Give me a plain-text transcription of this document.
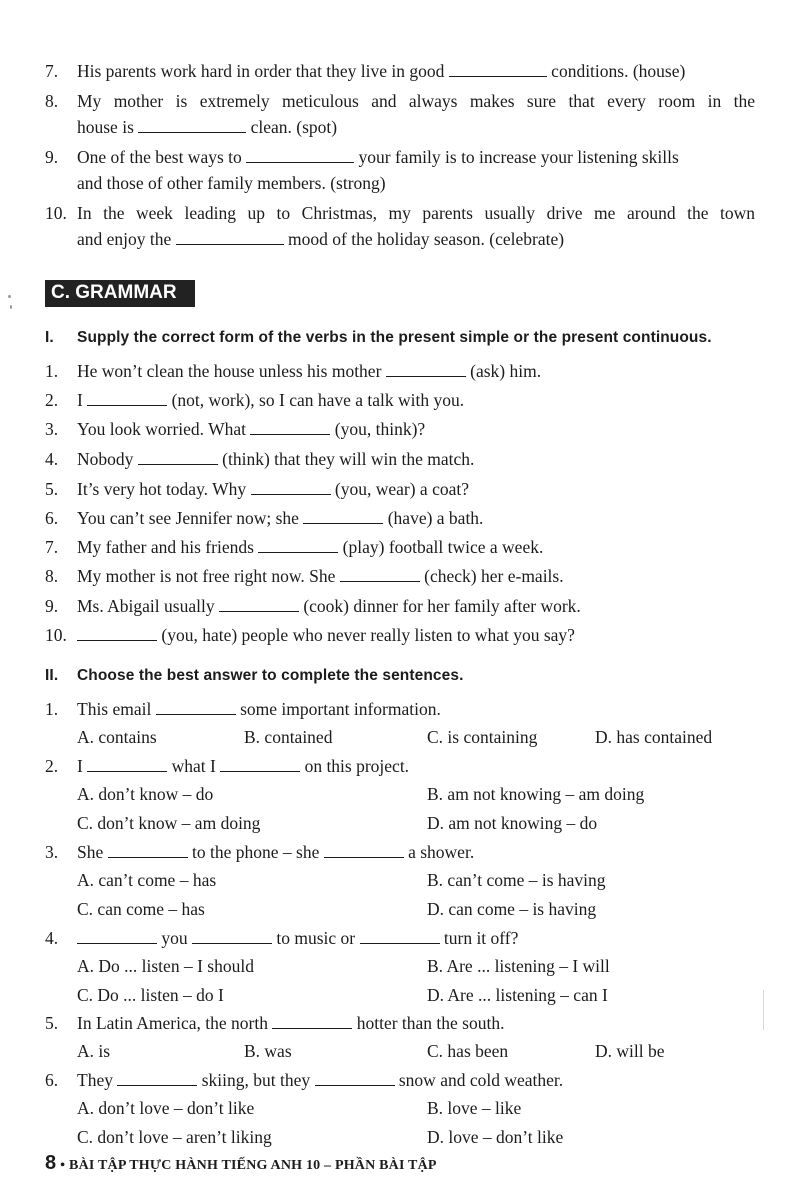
7. His parents work hard in order that they live in good	conditions. (house)
8. My mother is extremely meticulous and always makes sure that every room in the
house is	clean. (spot)
9. One of the best ways to	your family is to increase your listening skills
and those of other family members. (strong)
10. In the week leading up to Christmas, my parents usually drive me around the town
and enjoy the	mood of the holiday season. (celebrate)
C. GRAMMAR
I. Supply the correct form of the verbs in the present simple or the present continuous.
1. He won’t clean the house unless his mother	(ask) him.
2. I	(not, work), so I can have a talk with you.
3. You look worried. What	(you, think)?
4. Nobody	(think) that they will win the match.
5. It’s very hot today. Why	(you, wear) a coat?
6. You can’t see Jennifer now; she	(have) a bath.
7. My father and his friends	(play) football twice a week.
8. My mother is not free right now. She	(check) her e-mails.
9. Ms. Abigail usually	(cook) dinner for her family after work.
10.	(you, hate) people who never really listen to what you say?
II. Choose the best answer to complete the sentences.
1. This email	some important information.
A. contains	B. contained	C. is containing	D. has contained
2. I	what I	on this project.
A. don’t know – do	B. am not knowing – am doing
C. don’t know – am doing	D. am not knowing – do
3. She	to the phone – she	a shower.
A. can’t come – has	B. can’t come – is having
C. can come – has	D. can come – is having
4.	you	to music or	turn it off?
A. Do ... listen – I should	B. Are ... listening – I will
C. Do ... listen – do I	D. Are ... listening – can I
5. In Latin America, the north	hotter than the south.
A. is	B. was	C. has been	D. will be
6. They	skiing, but they	snow and cold weather.
A. don’t love – don’t like	B. love – like
C. don’t love – aren’t liking	D. love – don’t like
8 • BÀI TẬP THỰC HÀNH TIẾNG ANH 10 – PHẦN BÀI TẬP
